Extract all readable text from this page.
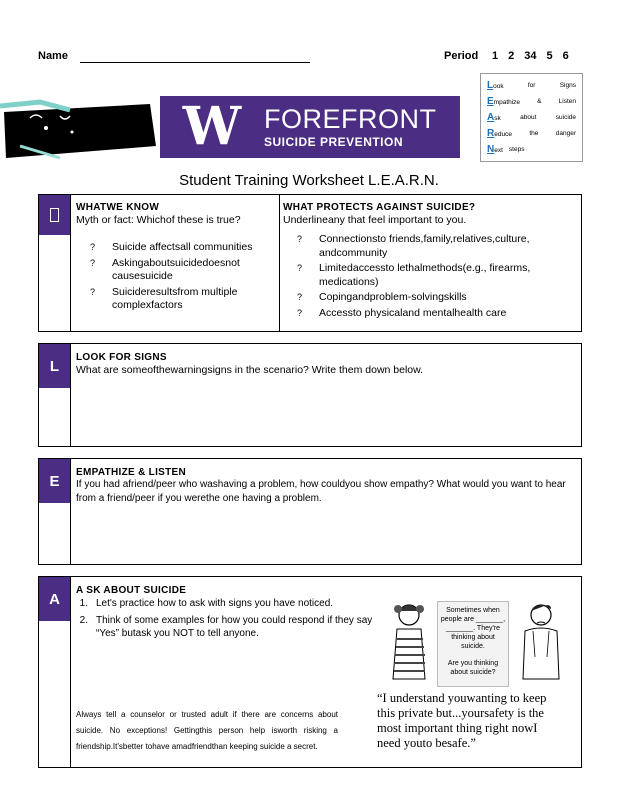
Name	Period 1 2 34 5 6
W FOREFRONT
SUICIDE PREVENTION
Look	for	Signs
Empathize	&	Listen
Ask	about	suicide
Reduce	the	danger
Next steps
Student Training Worksheet L.E.A.R.N.
WHATWE KNOW
Myth or fact: Whichof these is true?
?	Suicide affectsall communities
?	Askingaboutsuicidedoesnot causesuicide
?	Suicideresultsfrom multiple complexfactors
WHAT PROTECTS AGAINST SUICIDE?
Underlineany that feel important to you.
?	Connectionsto friends,family,relatives,culture, andcommunity
?	Limitedaccessto lethalmethods(e.g., firearms, medications)
?	Copingandproblem-solvingskills
?	Accessto physicaland mentalhealth care
L	LOOK FOR SIGNS
What are someofthewarningsigns in the scenario? Write them down below.
E	EMPATHIZE & LISTEN
If you had afriend/peer who washaving a problem, how couldyou show empathy? What would you want to hear from a friend/peer if you werethe one having a problem.
A	A SK ABOUT SUICIDE
1. Let's practice how to ask with signs you have noticed.
2. Think of some examples for how you could respond if they say “Yes” butask you NOT to tell anyone.
Sometimes when people are _______, _______. They're thinking about suicide.
Are you thinking about suicide?
Always tell a counselor or trusted adult if there are concerns about suicide. No exceptions! Gettingthis person help isworth risking a friendship.It'sbetter tohave amadfriendthan keeping suicide a secret.
“I understand youwanting to keep this private but...yoursafety is the most important thing right nowI need youto besafe.”
